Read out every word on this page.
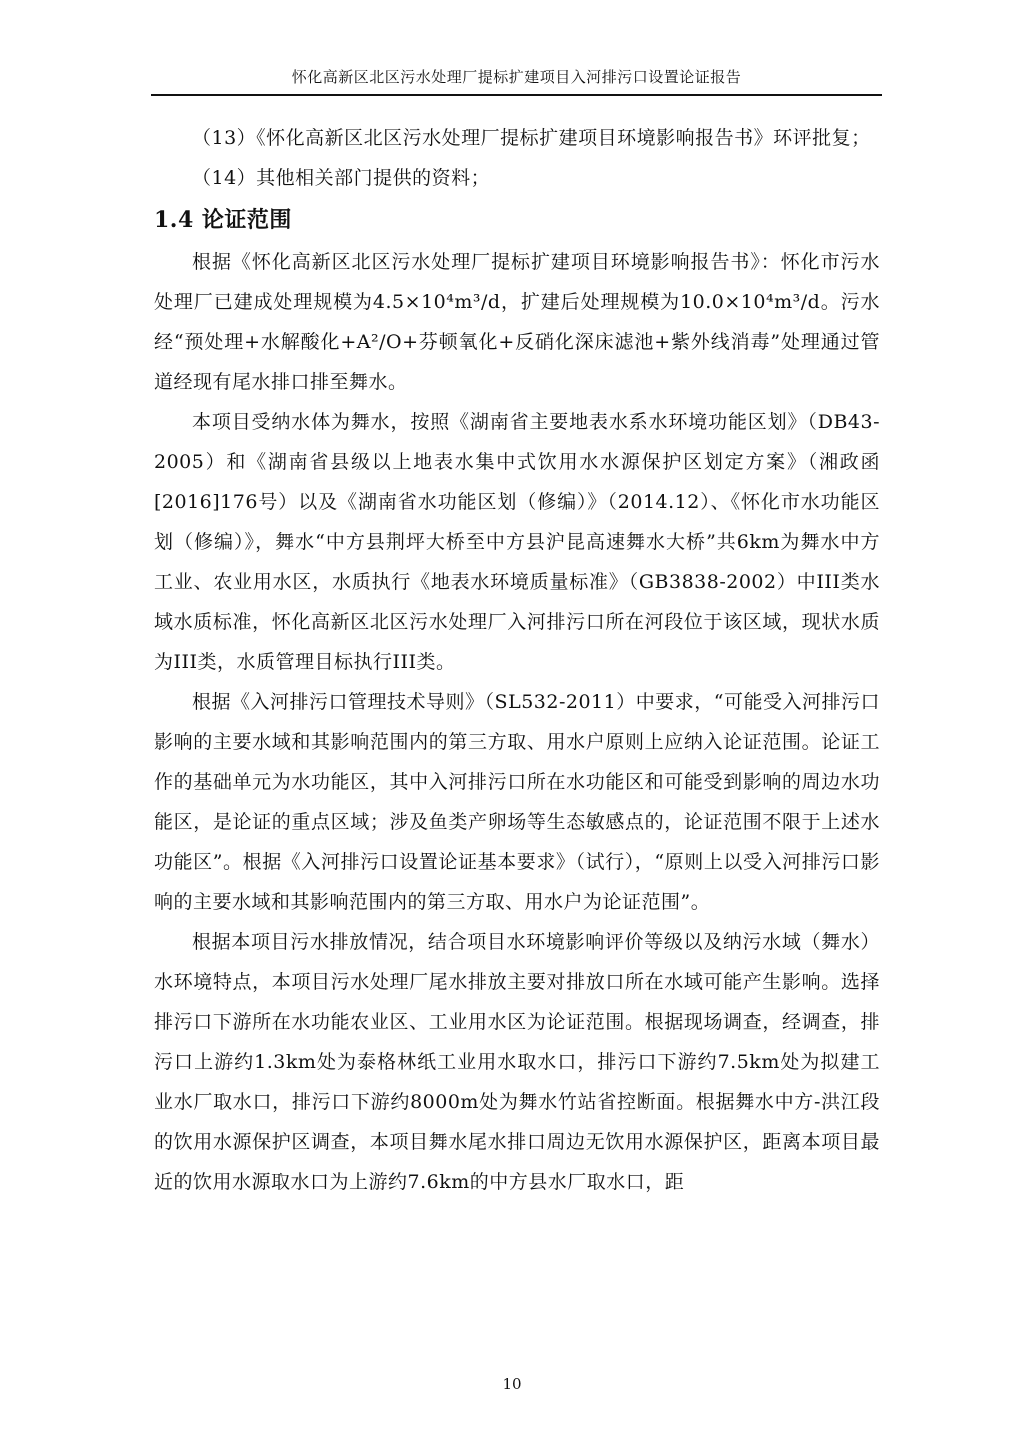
怀化高新区北区污水处理厂提标扩建项目入河排污口设置论证报告

（13）《怀化高新区北区污水处理厂提标扩建项目环境影响报告书》环评批复；

（14）其他相关部门提供的资料；

1.4 论证范围

根据《怀化高新区北区污水处理厂提标扩建项目环境影响报告书》：怀化市污水处理厂已建成处理规模为4.5×10⁴m³/d，扩建后处理规模为10.0×10⁴m³/d。污水经“预处理+水解酸化+A²/O+芬顿氧化+反硝化深床滤池+紫外线消毒”处理通过管道经现有尾水排口排至舞水。

本项目受纳水体为舞水，按照《湖南省主要地表水系水环境功能区划》（DB43-2005）和《湖南省县级以上地表水集中式饮用水水源保护区划定方案》（湘政函[2016]176号）以及《湖南省水功能区划（修编）》（2014.12）、《怀化市水功能区划（修编）》，舞水“中方县荆坪大桥至中方县沪昆高速舞水大桥”共6km为舞水中方工业、农业用水区，水质执行《地表水环境质量标准》（GB3838-2002）中III类水域水质标准，怀化高新区北区污水处理厂入河排污口所在河段位于该区域，现状水质为III类，水质管理目标执行III类。

根据《入河排污口管理技术导则》（SL532-2011）中要求，“可能受入河排污口影响的主要水域和其影响范围内的第三方取、用水户原则上应纳入论证范围。论证工作的基础单元为水功能区，其中入河排污口所在水功能区和可能受到影响的周边水功能区，是论证的重点区域；涉及鱼类产卵场等生态敏感点的，论证范围不限于上述水功能区”。根据《入河排污口设置论证基本要求》（试行），“原则上以受入河排污口影响的主要水域和其影响范围内的第三方取、用水户为论证范围”。

根据本项目污水排放情况，结合项目水环境影响评价等级以及纳污水域（舞水）水环境特点，本项目污水处理厂尾水排放主要对排放口所在水域可能产生影响。选择排污口下游所在水功能农业区、工业用水区为论证范围。根据现场调查，经调查，排污口上游约1.3km处为泰格林纸工业用水取水口，排污口下游约7.5km处为拟建工业水厂取水口，排污口下游约8000m处为舞水竹站省控断面。根据舞水中方-洪江段的饮用水源保护区调查，本项目舞水尾水排口周边无饮用水源保护区，距离本项目最近的饮用水源取水口为上游约7.6km的中方县水厂取水口，距

10
